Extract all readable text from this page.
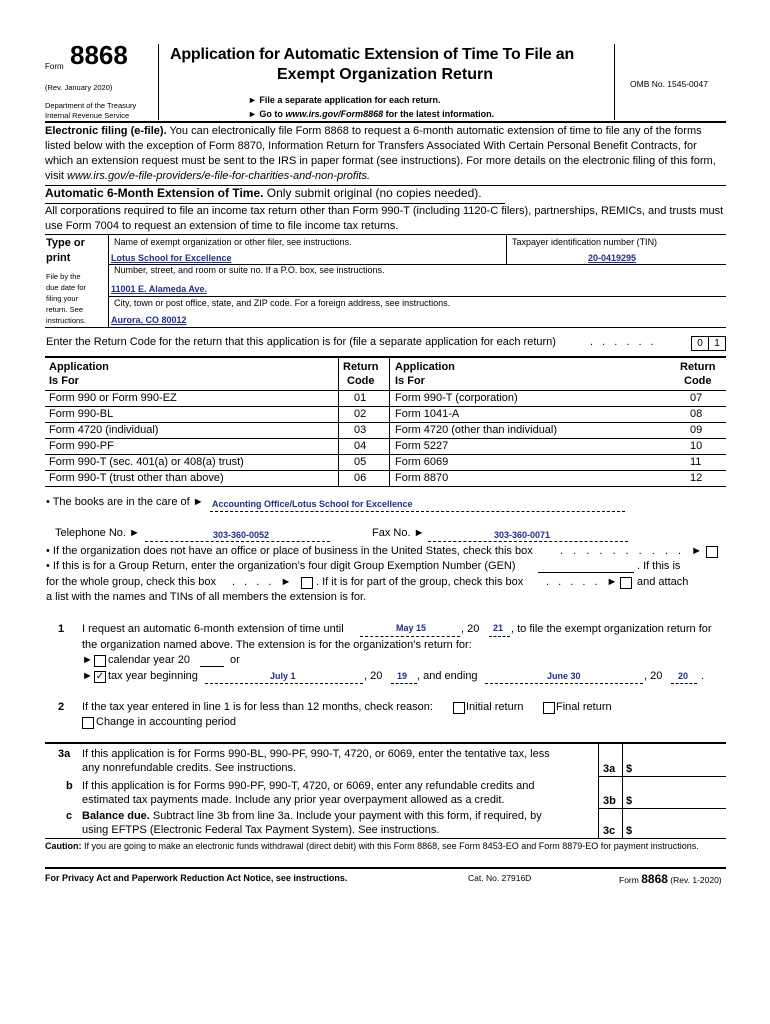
Form 8868
(Rev. January 2020)
Department of the Treasury
Internal Revenue Service
Application for Automatic Extension of Time To File an
Exempt Organization Return
► File a separate application for each return.
► Go to www.irs.gov/Form8868 for the latest information.
OMB No. 1545-0047
Electronic filing (e-file). You can electronically file Form 8868 to request a 6-month automatic extension of time to file any of the forms listed below with the exception of Form 8870, Information Return for Transfers Associated With Certain Personal Benefit Contracts, for which an extension request must be sent to the IRS in paper format (see instructions). For more details on the electronic filing of this form, visit www.irs.gov/e-file-providers/e-file-for-charities-and-non-profits.
Automatic 6-Month Extension of Time. Only submit original (no copies needed).
All corporations required to file an income tax return other than Form 990-T (including 1120-C filers), partnerships, REMICs, and trusts must use Form 7004 to request an extension of time to file income tax returns.
Type or
print
File by the
due date for
filing your
return. See
instructions.
Name of exempt organization or other filer, see instructions.
Lotus School for Excellence
Taxpayer identification number (TIN)
20-0419295
Number, street, and room or suite no. If a P.O. box, see instructions.
11001 E. Alameda Ave.
City, town or post office, state, and ZIP code. For a foreign address, see instructions.
Aurora, CO 80012
Enter the Return Code for the return that this application is for (file a separate application for each return)	. . . . . .	0	1
Application
Is For
Return
Code
Application
Is For
Return
Code
Form 990 or Form 990-EZ	01	Form 990-T (corporation)	07
Form 990-BL	02	Form 1041-A	08
Form 4720 (individual)	03	Form 4720 (other than individual)	09
Form 990-PF	04	Form 5227	10
Form 990-T (sec. 401(a) or 408(a) trust)	05	Form 6069	11
Form 990-T (trust other than above)	06	Form 8870	12
• The books are in the care of ► Accounting Office/Lotus School for Excellence
Telephone No. ►	303-360-0052	Fax No. ►	303-360-0071
• If the organization does not have an office or place of business in the United States, check this box . . . . . . . . . . ►
• If this is for a Group Return, enter the organization’s four digit Group Exemption Number (GEN)	. If this is
for the whole group, check this box . . . . ► . If it is for part of the group, check this box . . . . . ► and attach
a list with the names and TINs of all members the extension is for.
1 I request an automatic 6-month extension of time until	May 15	, 20 21 , to file the exempt organization return for
the organization named above. The extension is for the organization’s return for:
► calendar year 20	or
► ✓ tax year beginning	July 1	, 20 19 , and ending	June 30	, 20 20 .
2 If the tax year entered in line 1 is for less than 12 months, check reason:	Initial return	Final return
Change in accounting period
3a If this application is for Forms 990-BL, 990-PF, 990-T, 4720, or 6069, enter the tentative tax, less
any nonrefundable credits. See instructions.	3a $
b If this application is for Forms 990-PF, 990-T, 4720, or 6069, enter any refundable credits and
estimated tax payments made. Include any prior year overpayment allowed as a credit.	3b $
c Balance due. Subtract line 3b from line 3a. Include your payment with this form, if required, by
using EFTPS (Electronic Federal Tax Payment System). See instructions.	3c $
Caution: If you are going to make an electronic funds withdrawal (direct debit) with this Form 8868, see Form 8453-EO and Form 8879-EO for payment instructions.
For Privacy Act and Paperwork Reduction Act Notice, see instructions.	Cat. No. 27916D	Form 8868 (Rev. 1-2020)
